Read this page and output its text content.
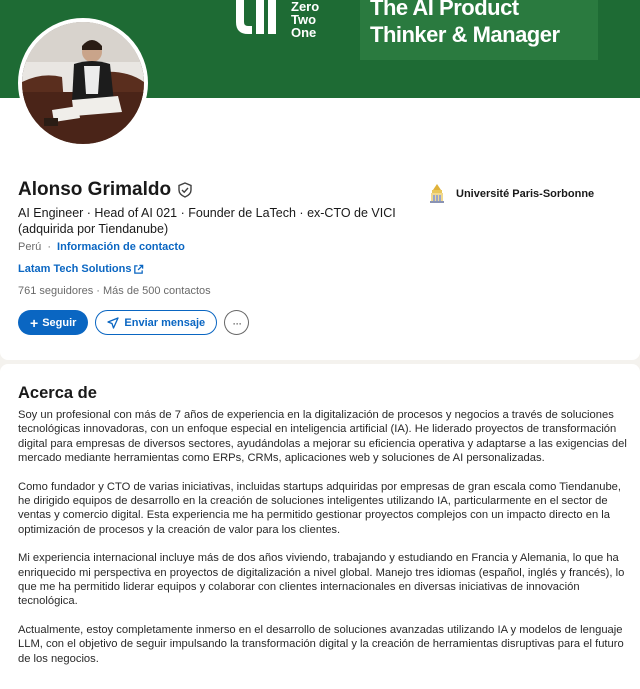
Zero
Two
One
The AI Product
Thinker & Manager
Alonso Grimaldo
AI Engineer · Head of AI 021 · Founder de LaTech · ex-CTO de VICI (adquirida por Tiendanube)
Perú · Información de contacto
Latam Tech Solutions
761 seguidores · Más de 500 contactos
+ Seguir	Enviar mensaje	···
Université Paris-Sorbonne
Acerca de

Soy un profesional con más de 7 años de experiencia en la digitalización de procesos y negocios a través de soluciones tecnológicas innovadoras, con un enfoque especial en inteligencia artificial (IA). He liderado proyectos de transformación digital para empresas de diversos sectores, ayudándolas a mejorar su eficiencia operativa y adaptarse a las exigencias del mercado mediante herramientas como ERPs, CRMs, aplicaciones web y soluciones de AI personalizadas.

Como fundador y CTO de varias iniciativas, incluidas startups adquiridas por empresas de gran escala como Tiendanube, he dirigido equipos de desarrollo en la creación de soluciones inteligentes utilizando IA, particularmente en el sector de ventas y comercio digital. Esta experiencia me ha permitido gestionar proyectos complejos con un impacto directo en la optimización de procesos y la creación de valor para los clientes.

Mi experiencia internacional incluye más de dos años viviendo, trabajando y estudiando en Francia y Alemania, lo que ha enriquecido mi perspectiva en proyectos de digitalización a nivel global. Manejo tres idiomas (español, inglés y francés), lo que me ha permitido liderar equipos y colaborar con clientes internacionales en diversas iniciativas de innovación tecnológica.

Actualmente, estoy completamente inmerso en el desarrollo de soluciones avanzadas utilizando IA y modelos de lenguaje LLM, con el objetivo de seguir impulsando la transformación digital y la creación de herramientas disruptivas para el futuro de los negocios.
